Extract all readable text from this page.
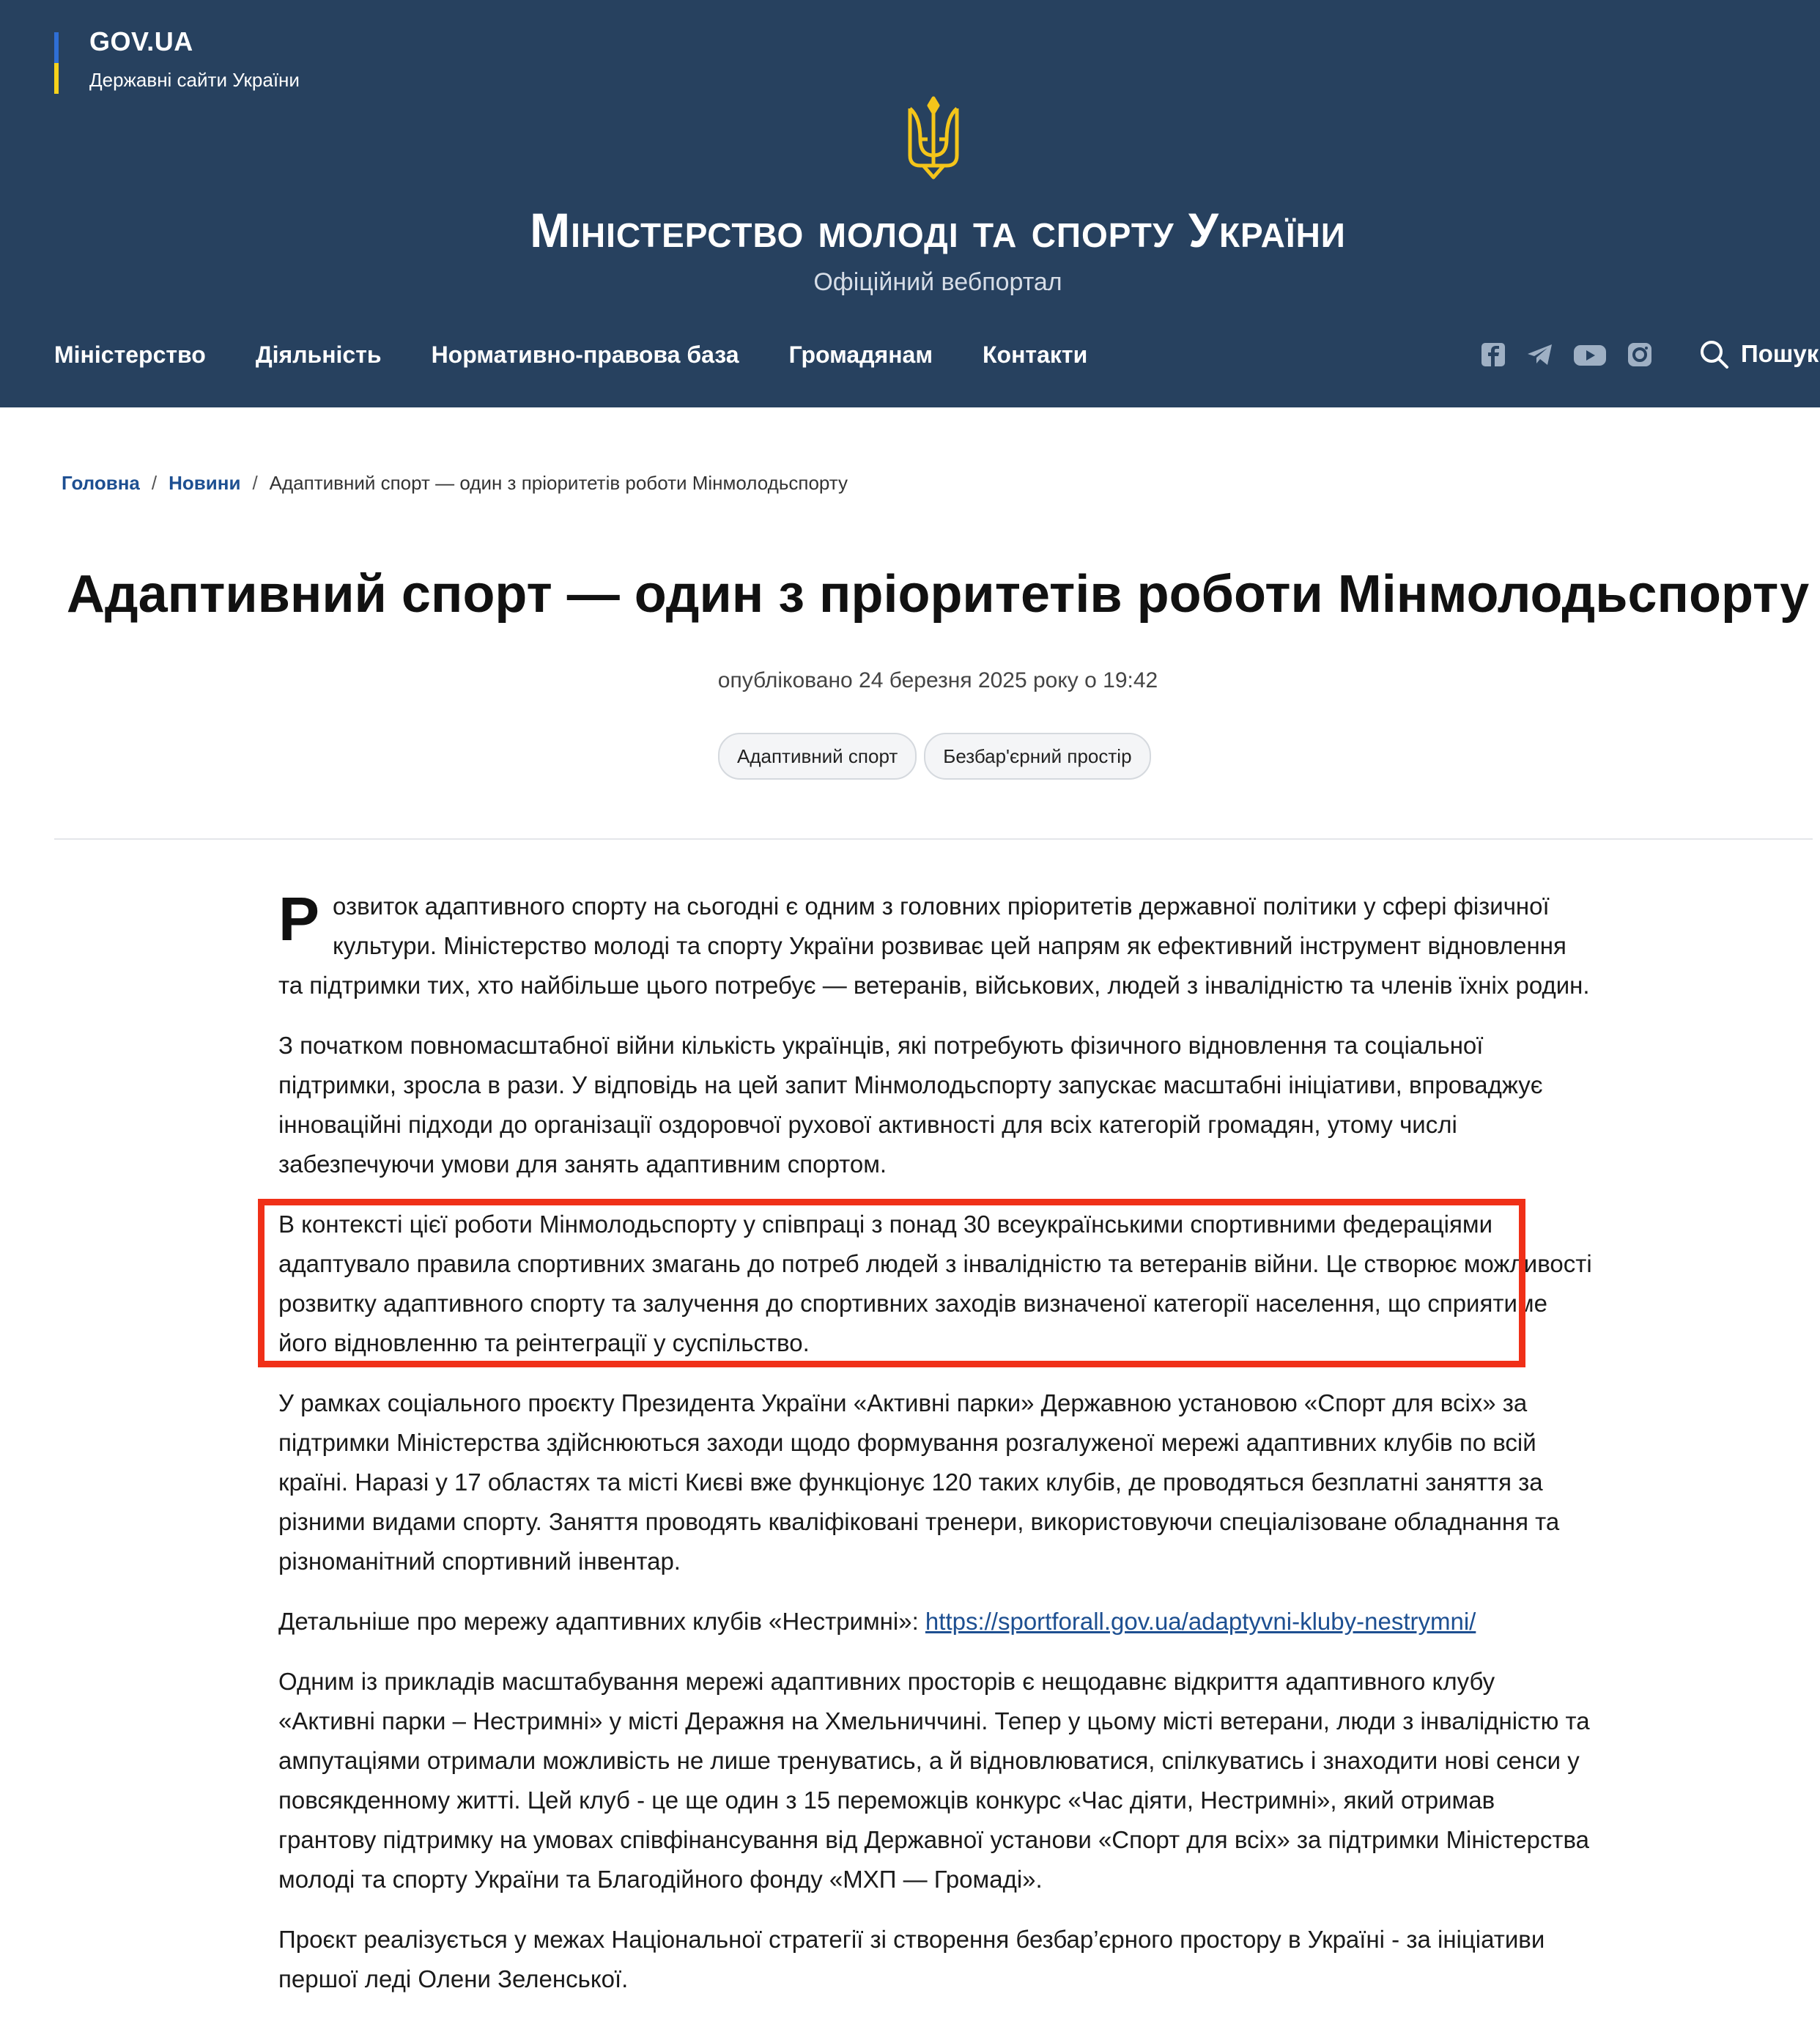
GOV.UA
Державні сайти України
Міністерство молоді та спорту України
Офіційний вебпортал
Міністерство Діяльність Нормативно-правова база Громадянам Контакти	Пошук
Головна / Новини / Адаптивний спорт — один з пріоритетів роботи Мінмолодьспорту
Адаптивний спорт — один з пріоритетів роботи Мінмолодьспорту
опубліковано 24 березня 2025 року о 19:42
Адаптивний спорт	Безбар'єрний простір

Розвиток адаптивного спорту на сьогодні є одним з головних пріоритетів державної політики у сфері фізичної культури. Міністерство молоді та спорту України розвиває цей напрям як ефективний інструмент відновлення та підтримки тих, хто найбільше цього потребує — ветеранів, військових, людей з інвалідністю та членів їхніх родин.

З початком повномасштабної війни кількість українців, які потребують фізичного відновлення та соціальної підтримки, зросла в рази. У відповідь на цей запит Мінмолодьспорту запускає масштабні ініціативи, впроваджує інноваційні підходи до організації оздоровчої рухової активності для всіх категорій громадян, утому числі забезпечуючи умови для занять адаптивним спортом.

В контексті цієї роботи Мінмолодьспорту у співпраці з понад 30 всеукраїнськими спортивними федераціями адаптувало правила спортивних змагань до потреб людей з інвалідністю та ветеранів війни. Це створює можливості розвитку адаптивного спорту та залучення до спортивних заходів визначеної категорії населення, що сприятиме його відновленню та реінтеграції у суспільство.

У рамках соціального проєкту Президента України «Активні парки» Державною установою «Спорт для всіх» за підтримки Міністерства здійснюються заходи щодо формування розгалуженої мережі адаптивних клубів по всій країні. Наразі у 17 областях та місті Києві вже функціонує 120 таких клубів, де проводяться безплатні заняття за різними видами спорту. Заняття проводять кваліфіковані тренери, використовуючи спеціалізоване обладнання та різноманітний спортивний інвентар.

Детальніше про мережу адаптивних клубів «Нестримні»: https://sportforall.gov.ua/adaptyvni-kluby-nestrymni/

Одним із прикладів масштабування мережі адаптивних просторів є нещодавнє відкриття адаптивного клубу «Активні парки – Нестримні» у місті Деражня на Хмельниччині. Тепер у цьому місті ветерани, люди з інвалідністю та ампутаціями отримали можливість не лише тренуватись, а й відновлюватися, спілкуватись і знаходити нові сенси у повсякденному житті. Цей клуб - це ще один з 15 переможців конкурс «Час діяти, Нестримні», який отримав грантову підтримку на умовах співфінансування від Державної установи «Спорт для всіх» за підтримки Міністерства молоді та спорту України та Благодійного фонду «МХП — Громаді».

Проєкт реалізується у межах Національної стратегії зі створення безбар’єрного простору в Україні - за ініціативи першої леді Олени Зеленської.
